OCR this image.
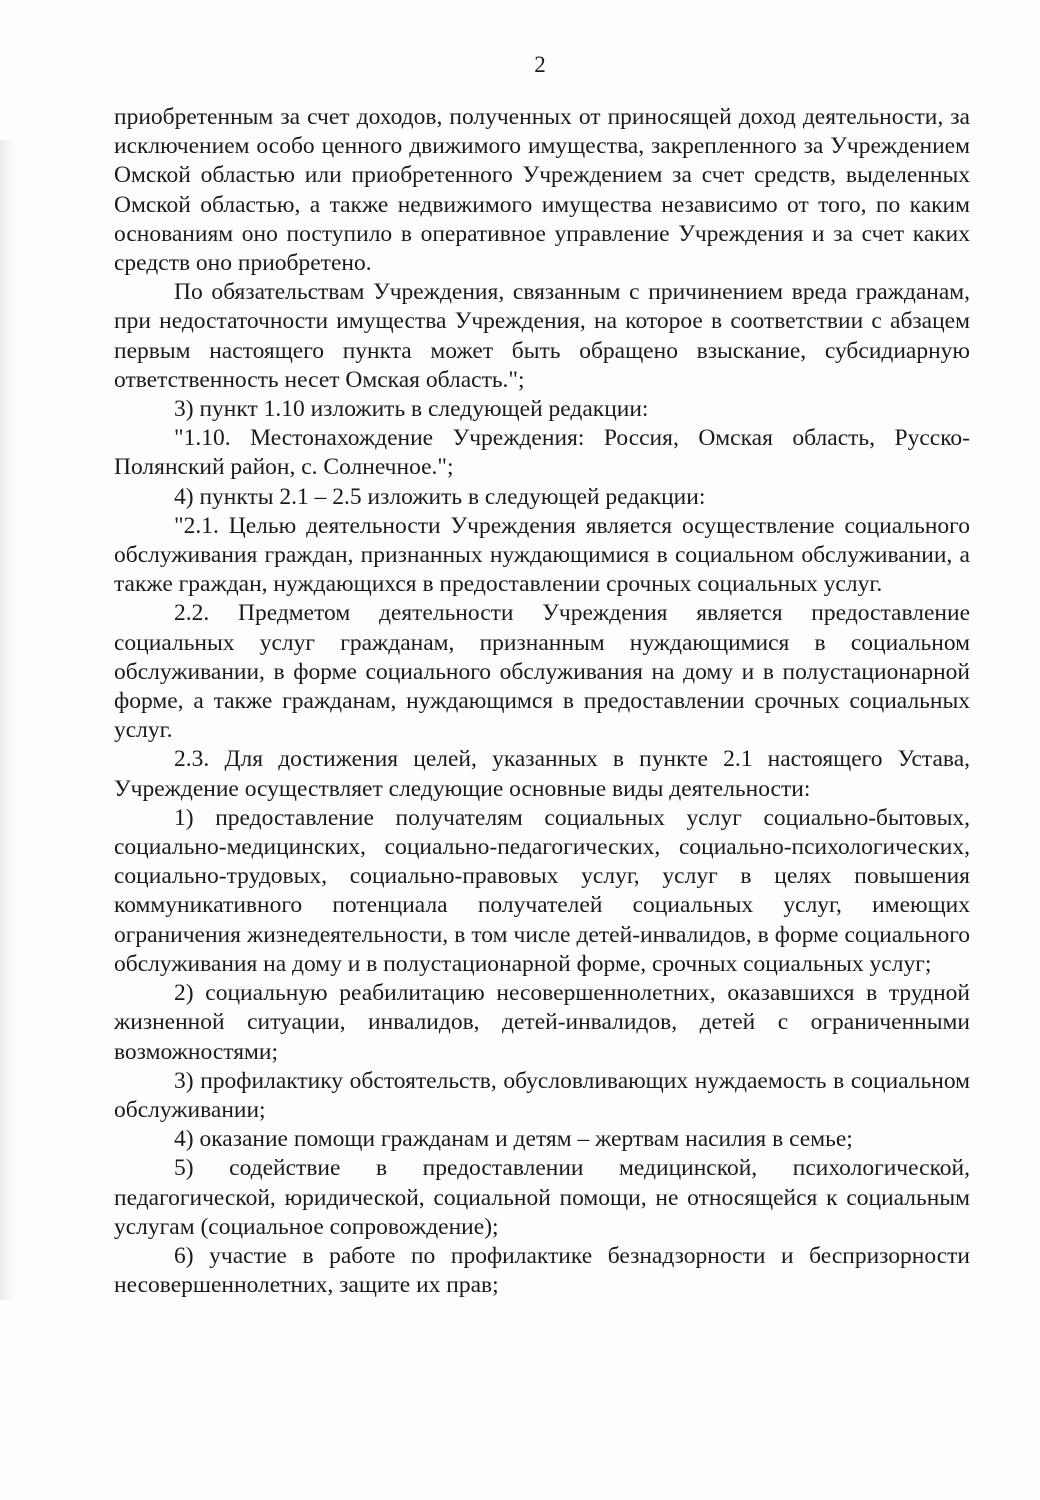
2

приобретенным за счет доходов, полученных от приносящей доход деятельности, за исключением особо ценного движимого имущества, закрепленного за Учреждением Омской областью или приобретенного Учреждением за счет средств, выделенных Омской областью, а также недвижимого имущества независимо от того, по каким основаниям оно поступило в оперативное управление Учреждения и за счет каких средств оно приобретено.

По обязательствам Учреждения, связанным с причинением вреда гражданам, при недостаточности имущества Учреждения, на которое в соответствии с абзацем первым настоящего пункта может быть обращено взыскание, субсидиарную ответственность несет Омская область.";

3) пункт 1.10 изложить в следующей редакции:

"1.10. Местонахождение Учреждения: Россия, Омская область, Русско-Полянский район, с. Солнечное.";

4) пункты 2.1 – 2.5 изложить в следующей редакции:

"2.1. Целью деятельности Учреждения является осуществление социального обслуживания граждан, признанных нуждающимися в социальном обслуживании, а также граждан, нуждающихся в предоставлении срочных социальных услуг.

2.2. Предметом деятельности Учреждения является предоставление социальных услуг гражданам, признанным нуждающимися в социальном обслуживании, в форме социального обслуживания на дому и в полустационарной форме, а также гражданам, нуждающимся в предоставлении срочных социальных услуг.

2.3. Для достижения целей, указанных в пункте 2.1 настоящего Устава, Учреждение осуществляет следующие основные виды деятельности:

1) предоставление получателям социальных услуг социально-бытовых, социально-медицинских, социально-педагогических, социально-психологических, социально-трудовых, социально-правовых услуг, услуг в целях повышения коммуникативного потенциала получателей социальных услуг, имеющих ограничения жизнедеятельности, в том числе детей-инвалидов, в форме социального обслуживания на дому и в полустационарной форме, срочных социальных услуг;

2) социальную реабилитацию несовершеннолетних, оказавшихся в трудной жизненной ситуации, инвалидов, детей-инвалидов, детей с ограниченными возможностями;

3) профилактику обстоятельств, обусловливающих нуждаемость в социальном обслуживании;

4) оказание помощи гражданам и детям – жертвам насилия в семье;

5) содействие в предоставлении медицинской, психологической, педагогической, юридической, социальной помощи, не относящейся к социальным услугам (социальное сопровождение);

6) участие в работе по профилактике безнадзорности и беспризорности несовершеннолетних, защите их прав;
